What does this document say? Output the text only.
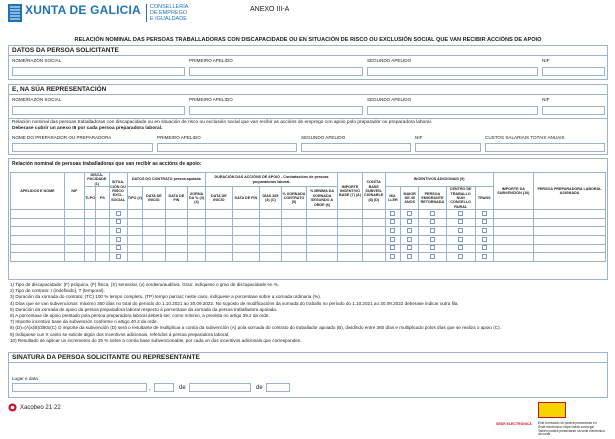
XUNTA DE GALICIA CONSELLERÍA
DE EMPREGO
E IGUALDADE
ANEXO III-A
RELACIÓN NOMINAL DAS PERSOAS TRABALLADORAS CON DISCAPACIDADE OU EN SITUACIÓN DE RISCO OU EXCLUSIÓN SOCIAL QUE VAN RECIBIR ACCIÓNS DE APOIO
DATOS DA PERSOA SOLICITANTE
NOME/RAZÓN SOCIAL	PRIMEIRO APELIDO	SEGUNDO APELIDO	NIF
E, NA SÚA REPRESENTACIÓN
NOME/RAZÓN SOCIAL	PRIMEIRO APELIDO	SEGUNDO APELIDO	NIF
Relación nominal das persoas traballadoras con discapacidade ou en situación de risco ou exclusión social que van recibir as accións de emprego con apoio polo preparador ou preparadora laboral.
Deberase cubrir un anexo III por cada persoa preparadora laboral.
NOME DO PREPARADOR OU PREPARADORA	PRIMEIRO APELIDO	SEGUNDO APELIDO	NIF	CUSTOS SALARIAIS TOTAIS ANUAIS
Relación nominal de persoas traballadoras que van recibir as accións de apoio:
APELIDOS E NOME	NIF	DISCA-PACIDADE (1)		SITUA-CIÓN OU RISCO EXCL. SOCIAL	DATOS DO CONTRATO persoa apoiada				DURACIÓN DAS ACCIÓNS DE APOIO - Contratacións de persoas preparadoras laboral-					IMPORTE INCENTIVO BASE (7) (A)	CONTÍA BASE SUBVEN-CIONABLE (8) (D)	INCENTIVOS ADICIONAIS (9)					IMPORTE DA SUBVENCIÓN (10)	PERSOA PREPARADORA LABORAL ASIGNADA
		TI-PO	PS		TIPO (2)	DATA DE INICIO	DATA DE FIN	XORNA DA % (3) (4)	DATA DE INICIO	DATA DE FIN	DÍAS 365 (4) (C)	% XORNADA CONTRATO (5)	% MÍNIMA DA XORNADA SEGUNDO A ORDE (6)			MU-LLER	MAIOR DE 45 ANOS	PERSOA EMIGRANTE RETORNADA	CENTRO DE TRABALLO NUN CONCELLO RURAL	TRANS		

1) Tipo de discapacidade: (F) psíquica, (F) física, (S) sensorial, (x) xordeira/auditiva. Grao: indíquese o grao de discapacidade en %.
2) Tipo de contrato: I (indefinido), T (temporal).
3) Duración da xornada do contrato: (TC) 100 % tempo completo, (TP) tempo parcial; neste caso, indíquese a porcentaxe sobre a xornada ordinaria (%).
4) Días que se van subvencionar: máximo 360 días no total do período do 1.10.2021 ao 30.09.2022. No suposto de modificacións da xornada do traballo no período do 1.10.2021 ao 30.09.2022 deberase indicar outra fila.
5) Duración da xornada de apoio da persoa preparadora laboral respecto á porcentaxe da xornada da persoa traballadora apoiada.
6) A porcentaxe de apoio prestado pola persoa preparadora laboral deberá ser, como mínimo, a prevista no artigo 39.2 da orde.
7) Importe incentivo base da subvención conforme o artigo 40.2 da orde.
8) (D)=(A)x(B)/360x(C) O importe da subvención (D) será o resultante de multiplicar a contía da subvención (A) pola xornada do contrato do traballador apoiado (B), dividindo entre 360 días e multiplicado polos días que se realiza o apoio (C).
9) Indíquese cun X canto se solicite algún dos incentivos adicionais, referidos á persoa preparadora laboral.
10) Resultado de aplicar un incremento do 25 % sobre a contía base subvencionable, por cada un dos incentivos adicionais que corresponden.
SINATURA DA PERSOA SOLICITANTE OU REPRESENTANTE
Lugar e data
,	de	de
Xacobeo 21·22
SEDE ELECTRÓNICA Este formulario só poderá presentarse en
Sede electrónica: https://sede.xunta.gal
Tamén poderá presentarse na sede electrónica da xunta
